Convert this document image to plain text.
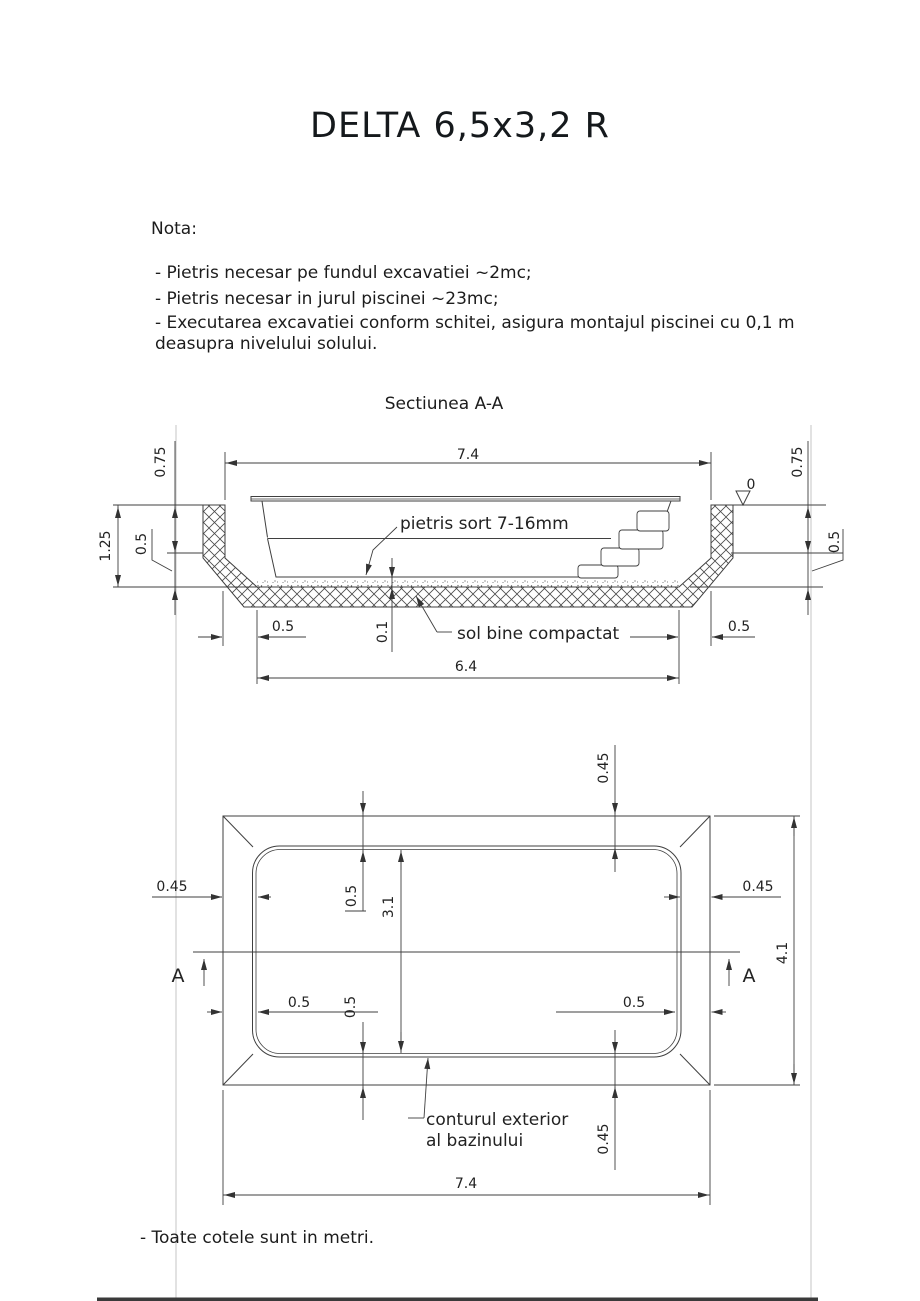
7.4
0.75
0.5
1.25
0.75
0.5
0.1
pietris sort 7-16mm
sol bine compactat
0.5	0.5
6.4
0
A	A
0.45
0.5 3.1
0.45	0.45
0.5	0.5
0.5
0.45
4.1
7.4
conturul exterior
al bazinului
DELTA 6,5x3,2 R
Nota:
- Pietris necesar pe fundul excavatiei ~2mc;
- Pietris necesar in jurul piscinei ~23mc;
- Executarea excavatiei conform schitei, asigura montajul piscinei cu 0,1 m deasupra nivelului solului.
Sectiunea A-A
- Toate cotele sunt in metri.
